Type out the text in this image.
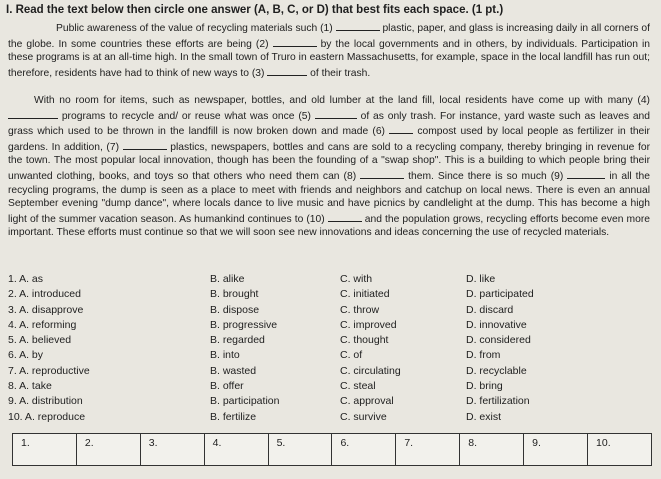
I. Read the text below then circle one answer (A, B, C, or D) that best fits each space. (1 pt.)
Public awareness of the value of recycling materials such (1)	plastic, paper, and glass is increasing daily in all corners of the globe. In some countries these efforts are being (2)	by the local governments and in others, by individuals. Participation in these programs is at an all-time high. In the small town of Truro in eastern Massachusetts, for example, space in the local landfill has run out; therefore, residents have had to think of new ways to (3)	of their trash.
With no room for items, such as newspaper, bottles, and old lumber at the land fill, local residents have come up with many (4)  programs to recycle and/ or reuse what was once (5)	of as only trash. For instance, yard waste such as leaves and grass which used to be thrown in the landfill is now broken down and made (6)  compost used by local people as fertilizer in their gardens. In addition, (7)	plastics, newspapers, bottles and cans are sold to a recycling company, thereby bringing in revenue for the town. The most popular local innovation, though has been the founding of a "swap shop". This is a building to which people bring their unwanted clothing, books, and toys so that others who need them can (8)	them. Since there is so much (9)	in all the recycling programs, the dump is seen as a place to meet with friends and neighbors and catchup on local news. There is even an annual September evening "dump dance", where locals dance to live music and have picnics by candlelight at the dump. This has become a high light of the summer vacation season. As humankind continues to (10)	and the population grows, recycling efforts become even more important. These efforts must continue so that we will soon see new innovations and ideas concerning the use of recycled materials.
1. A. as	B. alike	C. with	D. like
2. A. introduced	B. brought	C. initiated	D. participated
3. A. disapprove	B. dispose	C. throw	D. discard
4. A. reforming	B. progressive	C. improved	D. innovative
5. A. believed	B. regarded	C. thought	D. considered
6. A. by	B. into	C. of	D. from
7. A. reproductive	B. wasted	C. circulating	D. recyclable
8. A. take	B. offer	C. steal	D. bring
9. A. distribution	B. participation	C. approval	D. fertilization
10. A. reproduce	B. fertilize	C. survive	D. exist
1.	2.	3.	4.	5.	6.	7.	8.	9.	10.
